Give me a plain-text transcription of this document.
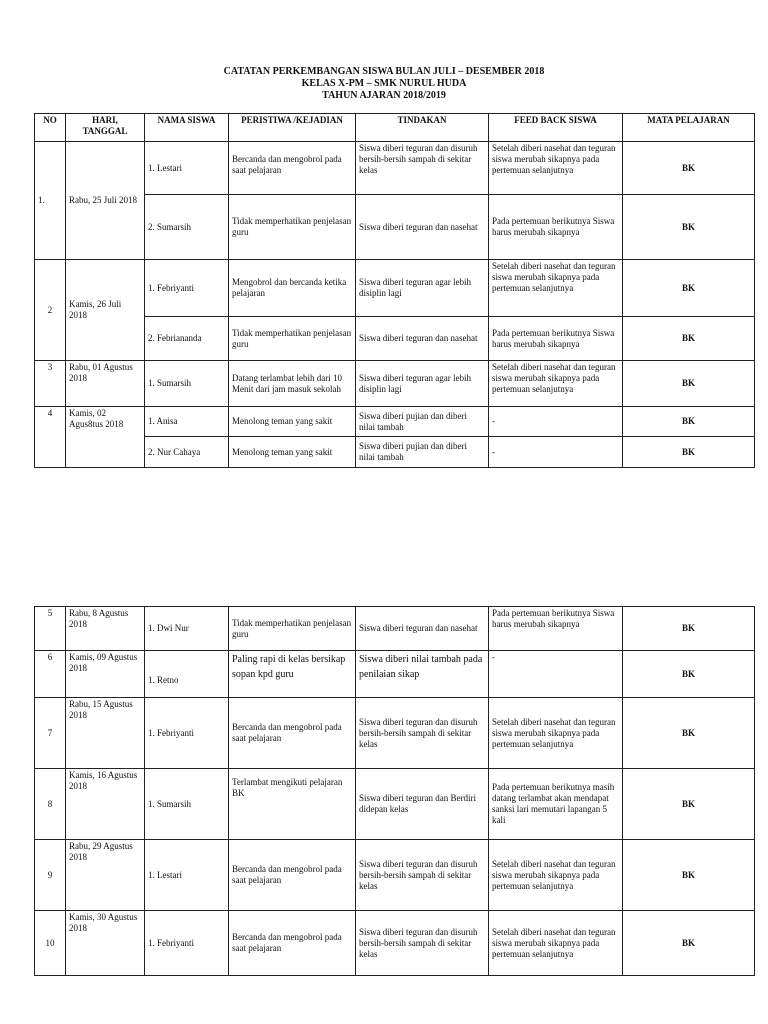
CATATAN PERKEMBANGAN SISWA BULAN JULI – DESEMBER 2018
KELAS X-PM – SMK NURUL HUDA
TAHUN AJARAN 2018/2019
NO	HARI, TANGGAL	NAMA SISWA	PERISTIWA /KEJADIAN	TINDAKAN	FEED BACK SISWA	MATA PELAJARAN
1.	Rabu, 25 Juli 2018	1. Lestari	Bercanda dan mengobrol pada saat pelajaran	Siswa diberi teguran dan disuruh bersih-bersih sampah di sekitar kelas	Setelah diberi nasehat dan teguran siswa merubah sikapnya pada pertemuan selanjutnya	BK
		2. Sumarsih	Tidak memperhatikan penjelasan guru	Siswa diberi teguran dan nasehat	Pada pertemuan berikutnya Siswa harus merubah sikapnya	BK
2	Kamis, 26 Juli 2018	1. Febriyanti	Mengobrol dan bercanda ketika pelajaran	Siswa diberi teguran agar lebih disiplin lagi	Setelah diberi nasehat dan teguran siswa merubah sikapnya pada pertemuan selanjutnya	BK
		2. Febriananda	Tidak memperhatikan penjelasan guru	Siswa diberi teguran dan nasehat	Pada pertemuan berikutnya Siswa harus merubah sikapnya	BK
3	Rabu, 01 Agustus 2018	1. Sumarsih	Datang terlambat lebih dari 10 Menit dari jam masuk sekolah	Siswa diberi teguran agar lebih disiplin lagi	Setelah diberi nasehat dan teguran siswa merubah sikapnya pada pertemuan selanjutnya	BK
4	Kamis, 02 Agus8tus 2018	1. Anisa	Menolong teman yang sakit	Siswa diberi pujian dan diberi nilai tambah	-	BK
		2. Nur Cahaya	Menolong teman yang sakit	Siswa diberi pujian dan diberi nilai tambah	-	BK
5	Rabu, 8 Agustus 2018	1. Dwi Nur	Tidak memperhatikan penjelasan guru	Siswa diberi teguran dan nasehat	Pada pertemuan berikutnya Siswa harus merubah sikapnya	BK
6	Kamis, 09 Agustus 2018	1. Retno	Paling rapi di kelas bersikap sopan kpd guru	Siswa diberi nilai tambah pada penilaian sikap	-	BK
7	Rabu, 15 Agustus 2018	1. Febriyanti	Bercanda dan mengobrol pada saat pelajaran	Siswa diberi teguran dan disuruh bersih-bersih sampah di sekitar kelas	Setelah diberi nasehat dan teguran siswa merubah sikapnya pada pertemuan selanjutnya	BK
8	Kamis, 16 Agustus 2018	1. Sumarsih	Terlambat mengikuti pelajaran BK	Siswa diberi teguran dan Berdiri didepan kelas	Pada pertemuan berikutnya masih datang terlambat akan mendapat sanksi lari memutari lapangan 5 kali	BK
9	Rabu, 29 Agustus 2018	1. Lestari	Bercanda dan mengobrol pada saat pelajaran	Siswa diberi teguran dan disuruh bersih-bersih sampah di sekitar kelas	Setelah diberi nasehat dan teguran siswa merubah sikapnya pada pertemuan selanjutnya	BK
10	Kamis, 30 Agustus 2018	1. Febriyanti	Bercanda dan mengobrol pada saat pelajaran	Siswa diberi teguran dan disuruh bersih-bersih sampah di sekitar kelas	Setelah diberi nasehat dan teguran siswa merubah sikapnya pada pertemuan selanjutnya	BK
